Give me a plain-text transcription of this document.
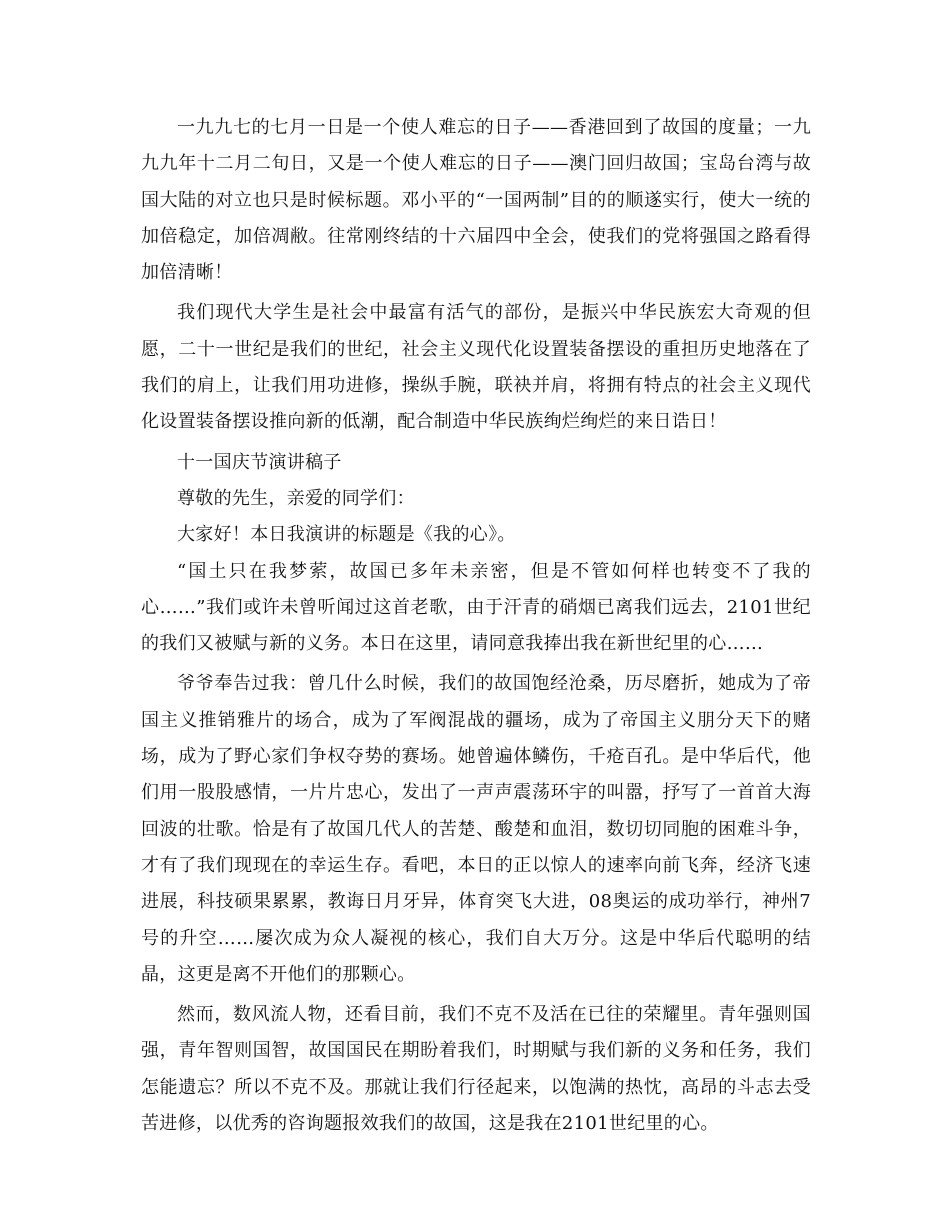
一九九七的七月一日是一个使人难忘的日子——香港回到了故国的度量；一九九九年十二月二旬日，又是一个使人难忘的日子——澳门回归故国；宝岛台湾与故国大陆的对立也只是时候标题。邓小平的“一国两制”目的的顺遂实行，使大一统的加倍稳定，加倍凋敝。往常刚终结的十六届四中全会，使我们的党将强国之路看得加倍清晰！

我们现代大学生是社会中最富有活气的部份，是振兴中华民族宏大奇观的但愿，二十一世纪是我们的世纪，社会主义现代化设置装备摆设的重担历史地落在了我们的肩上，让我们用功进修，操纵手腕，联袂并肩，将拥有特点的社会主义现代化设置装备摆设推向新的低潮，配合制造中华民族绚烂绚烂的来日诰日！

十一国庆节演讲稿子

尊敬的先生，亲爱的同学们：

大家好！本日我演讲的标题是《我的心》。

“国土只在我梦萦，故国已多年未亲密，但是不管如何样也转变不了我的心……”我们或许未曾听闻过这首老歌，由于汗青的硝烟已离我们远去，2101世纪的我们又被赋与新的义务。本日在这里，请同意我捧出我在新世纪里的心……

爷爷奉告过我：曾几什么时候，我们的故国饱经沧桑，历尽磨折，她成为了帝国主义推销雅片的场合，成为了军阀混战的疆场，成为了帝国主义朋分天下的赌场，成为了野心家们争权夺势的赛场。她曾遍体鳞伤，千疮百孔。是中华后代，他们用一股股感情，一片片忠心，发出了一声声震荡环宇的叫嚣，抒写了一首首大海回波的壮歌。恰是有了故国几代人的苦楚、酸楚和血泪，数切切同胞的困难斗争，才有了我们现现在的幸运生存。看吧，本日的正以惊人的速率向前飞奔，经济飞速进展，科技硕果累累，教诲日月牙异，体育突飞大进，08奥运的成功举行，神州7号的升空……屡次成为众人凝视的核心，我们自大万分。这是中华后代聪明的结晶，这更是离不开他们的那颗心。

然而，数风流人物，还看目前，我们不克不及活在已往的荣耀里。青年强则国强，青年智则国智，故国国民在期盼着我们，时期赋与我们新的义务和任务，我们怎能遗忘？所以不克不及。那就让我们行径起来，以饱满的热忱，高昂的斗志去受苦进修，以优秀的咨询题报效我们的故国，这是我在2101世纪里的心。
